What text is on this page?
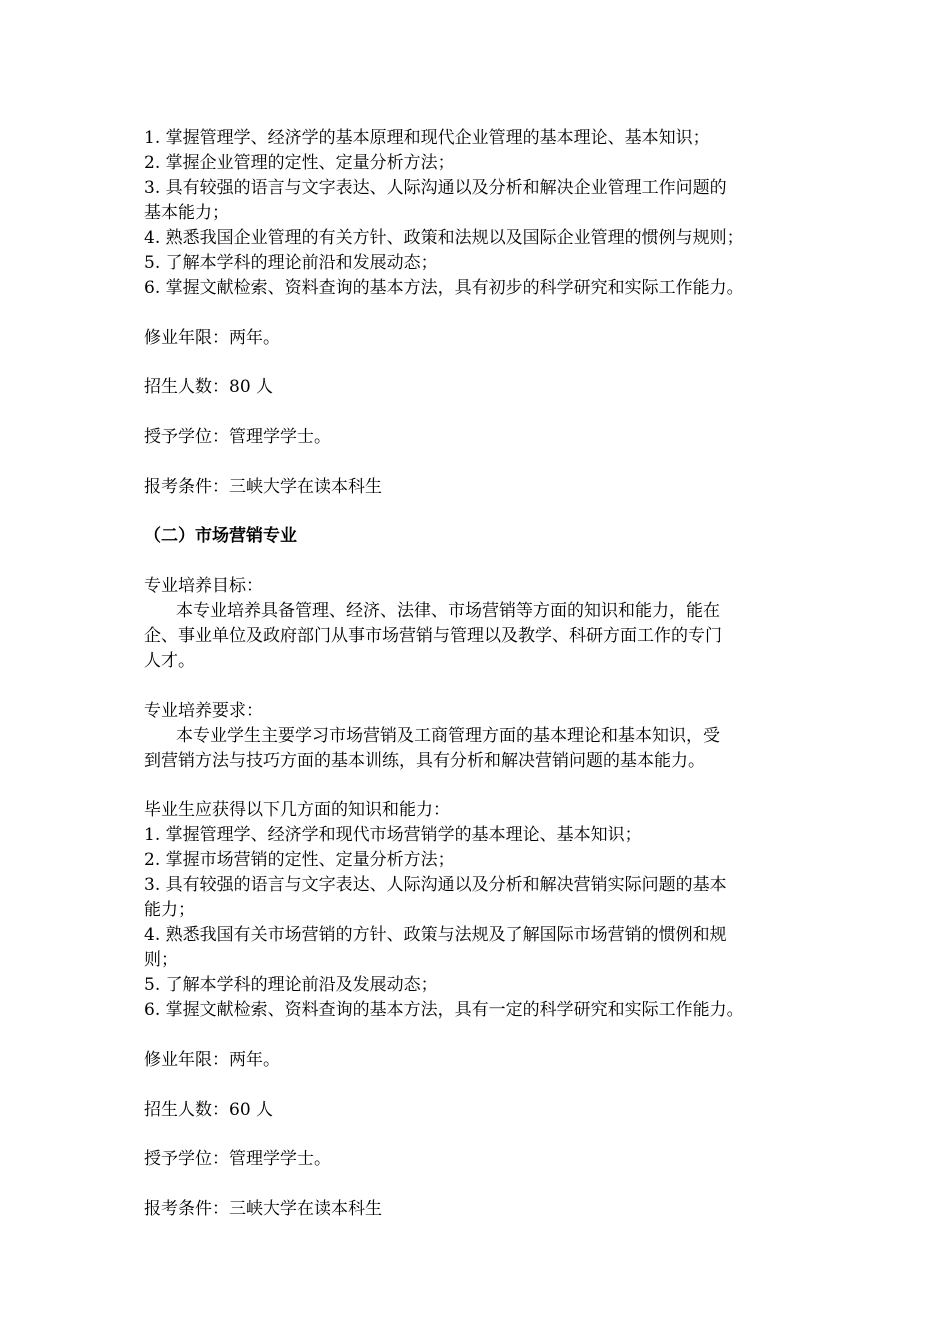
1. 掌握管理学、经济学的基本原理和现代企业管理的基本理论、基本知识；
2. 掌握企业管理的定性、定量分析方法；
3. 具有较强的语言与文字表达、人际沟通以及分析和解决企业管理工作问题的
基本能力；
4. 熟悉我国企业管理的有关方针、政策和法规以及国际企业管理的惯例与规则；
5. 了解本学科的理论前沿和发展动态；
6. 掌握文献检索、资料查询的基本方法，具有初步的科学研究和实际工作能力。
修业年限：两年。
招生人数：80 人
授予学位：管理学学士。
报考条件：三峡大学在读本科生
（二）市场营销专业
专业培养目标：
本专业培养具备管理、经济、法律、市场营销等方面的知识和能力，能在
企、事业单位及政府部门从事市场营销与管理以及教学、科研方面工作的专门
人才。
专业培养要求：
本专业学生主要学习市场营销及工商管理方面的基本理论和基本知识，受
到营销方法与技巧方面的基本训练，具有分析和解决营销问题的基本能力。
毕业生应获得以下几方面的知识和能力：
1. 掌握管理学、经济学和现代市场营销学的基本理论、基本知识；
2. 掌握市场营销的定性、定量分析方法；
3. 具有较强的语言与文字表达、人际沟通以及分析和解决营销实际问题的基本
能力；
4. 熟悉我国有关市场营销的方针、政策与法规及了解国际市场营销的惯例和规
则；
5. 了解本学科的理论前沿及发展动态；
6. 掌握文献检索、资料查询的基本方法，具有一定的科学研究和实际工作能力。
修业年限：两年。
招生人数：60 人
授予学位：管理学学士。
报考条件：三峡大学在读本科生
